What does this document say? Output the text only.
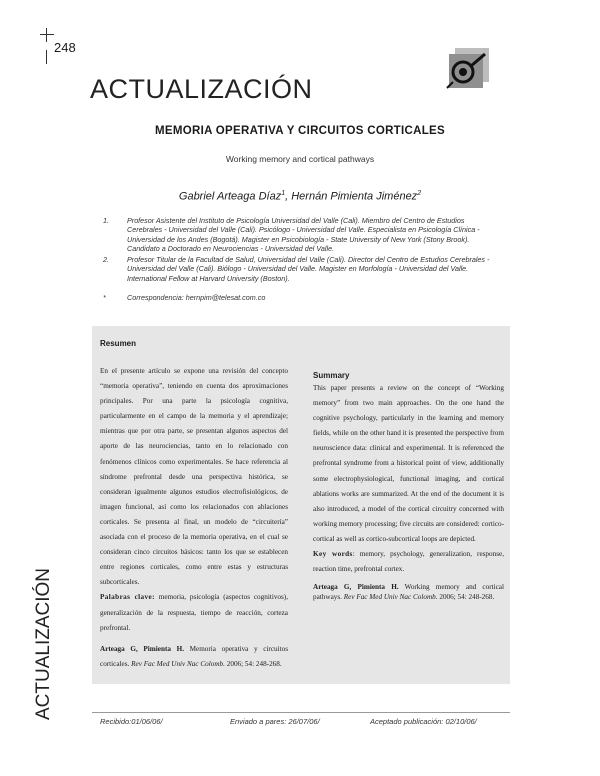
248
ACTUALIZACIÓN
MEMORIA OPERATIVA Y CIRCUITOS CORTICALES
Working memory and cortical pathways
Gabriel Arteaga Díaz$^1$, Hernán Pimienta Jiménez$^2$
1.	Profesor Asistente del Instituto de Psicología Universidad del Valle (Cali). Miembro del Centro de Estudios Cerebrales - Universidad del Valle (Cali). Psicólogo - Universidad del Valle. Especialista en Psicología Clínica - Universidad de los Andes (Bogotá). Magister en Psicobiología - State University of New York (Stony Brook). Candidato a Doctorado en Neurociencias - Universidad del Valle.
2.	Profesor Titular de la Facultad de Salud, Universidad del Valle (Cali). Director del Centro de Estudios Cerebrales - Universidad del Valle (Cali). Biólogo - Universidad del Valle. Magister en Morfología - Universidad del Valle. International Fellow at Harvard University (Boston).
*	Correspondencia: hernpim@telesat.com.co
Resumen

En el presente artículo se expone una revisión del concepto “memoria operativa”, teniendo en cuenta dos aproximaciones principales. Por una parte la psicología cognitiva, particularmente en el campo de la memoria y el aprendizaje; mientras que por otra parte, se presentan algunos aspectos del aporte de las neurociencias, tanto en lo relacionado con fenómenos clínicos como experimentales. Se hace referencia al síndrome prefrontal desde una perspectiva histórica, se consideran igualmente algunos estudios electrofisiológicos, de imagen funcional, así como los relacionados con ablaciones corticales. Se presenta al final, un modelo de “circuitería” asociada con el proceso de la memoria operativa, en el cual se consideran cinco circuitos básicos: tanto los que se establecen entre regiones corticales, como entre estas y estructuras subcorticales.

Palabras clave: memoria, psicología (aspectos cognitivos), generalización de la respuesta, tiempo de reacción, corteza prefrontal.

Arteaga G, Pimienta H. Memoria operativa y circuitos corticales. Rev Fac Med Univ Nac Colomb. 2006; 54: 248-268.

Summary

This paper presents a review on the concept of “Working memory” from two main approaches. On the one hand the cognitive psychology, particularly in the learning and memory fields, while on the other hand it is presented the perspective from neuroscience data: clinical and experimental. It is referenced the prefrontal syndrome from a historical point of view, additionally some electrophysiological, functional imaging, and cortical ablations works are summarized. At the end of the document it is also introduced, a model of the cortical circuitry concerned with working memory processing; five circuits are considered: cortico-cortical as well as cortico-subcortical loops are depicted.

Key words: memory, psychology, generalization, response, reaction time, prefrontal cortex.

Arteaga G, Pimienta H. Working memory and cortical pathways. Rev Fac Med Univ Nac Colomb. 2006; 54: 248-268.

ACTUALIZACIÓN
Recibido:01/06/06/	Enviado a pares: 26/07/06/	Aceptado publicación: 02/10/06/
